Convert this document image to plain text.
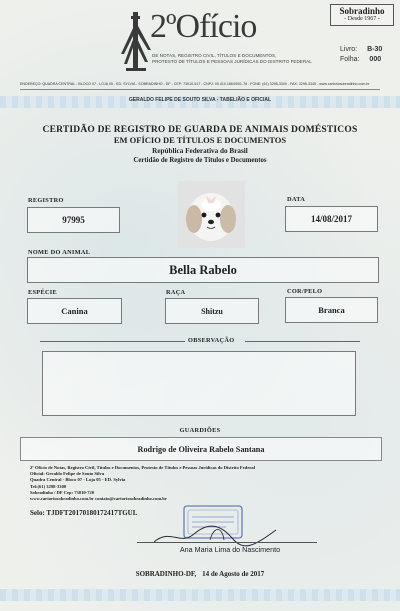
2ºOfício
DE NOTAS, REGISTRO CIVIL, TÍTULOS E DOCUMENTOS,
PROTESTO DE TÍTULOS E PESSOAS JURÍDICAS DO DISTRITO FEDERAL
Sobradinho
- Desde 1967 -
Livro: B-30
Folha: 000
ENDEREÇO: QUADRA CENTRAL - BLOCO 07 - LOJA 05 - ED. SYLVIA - SOBRADINHO - DF - CEP: 73010-517 - CNPJ: 00.410.186/0001-78 - FONE: (61) 3298-3300 - FAX: 3298-3345 - www.cartoriosobradinho.com.br
GERALDO FELIPE DE SOUTO SILVA - TABELIÃO E OFICIAL
CERTIDÃO DE REGISTRO DE GUARDA DE ANIMAIS DOMÉSTICOS
EM OFÍCIO DE TÍTULOS E DOCUMENTOS
República Federativa do Brasil
Certidão de Registro de Títulos e Documentos
REGISTRO
97995
DATA
14/08/2017
NOME DO ANIMAL
Bella Rabelo
ESPÉCIE
Canina
RAÇA
Shitzu
COR/PELO
Branca
OBSERVAÇÃO
GUARDIÕES
Rodrigo de Oliveira Rabelo Santana
2º Ofício de Notas, Registro Civil, Títulos e Documentos, Protesto de Títulos e Pessoas Jurídicas do Distrito Federal
Oficial: Geraldo Felipe de Souto Silva
Quadra Central - Bloco 07 - Loja 05 - ED. Sylvia
Tel:(61) 3298-3300
Sobradinho / DF Cep: 73010-720
www.cartoriosobradinho.com.br contato@cartoriosobradinho.com.br
Selo: TJDFT20170180172417TGUL
Ana Maria Lima do Nascimento
SOBRADINHO-DF, 14 de Agosto de 2017
